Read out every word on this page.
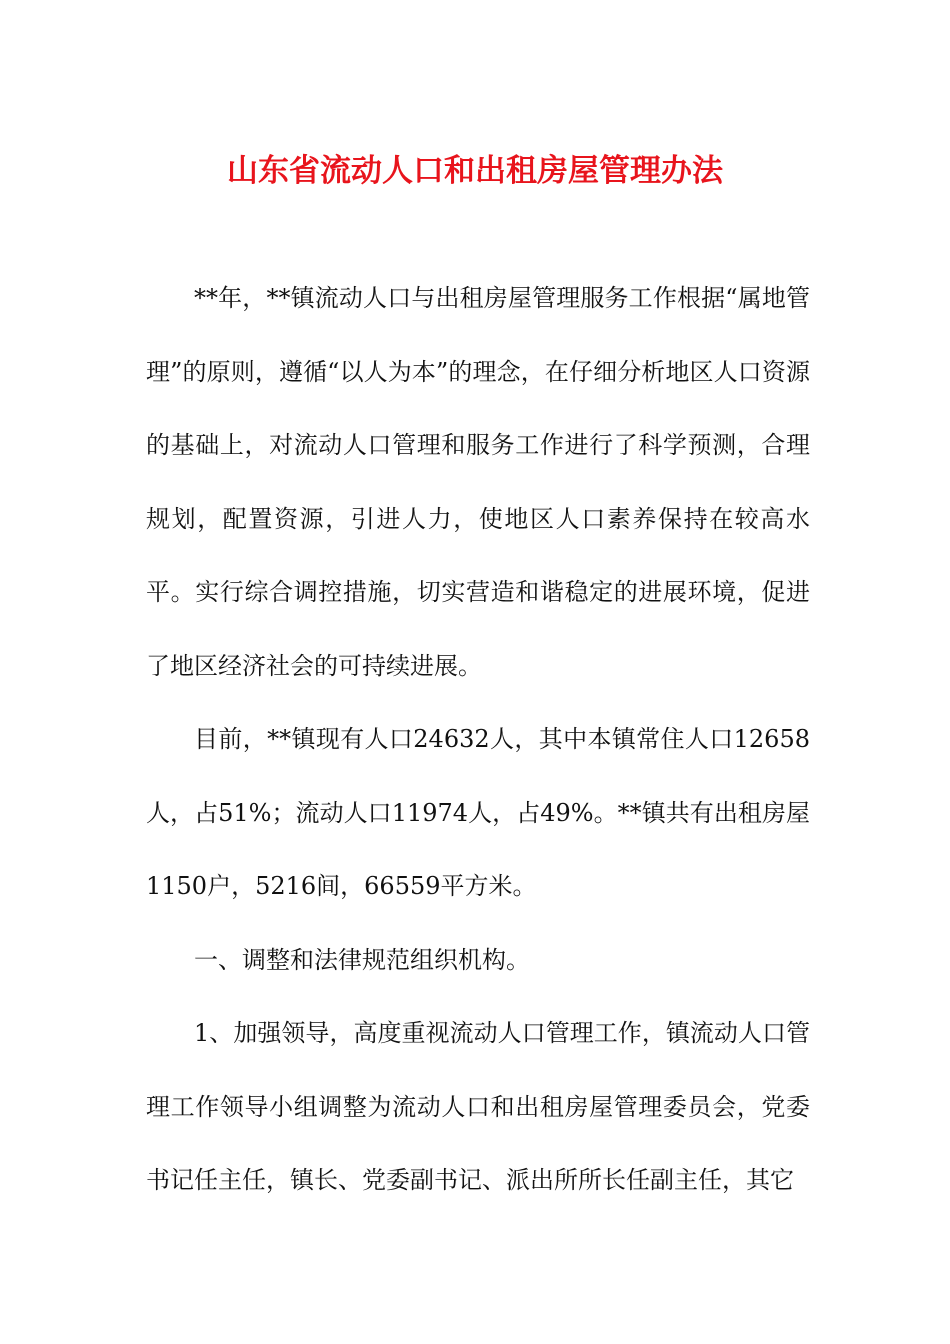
山东省流动人口和出租房屋管理办法

**年，**镇流动人口与出租房屋管理服务工作根据“属地管理”的原则，遵循“以人为本”的理念，在仔细分析地区人口资源的基础上，对流动人口管理和服务工作进行了科学预测，合理规划，配置资源，引进人力，使地区人口素养保持在较高水平。实行综合调控措施，切实营造和谐稳定的进展环境，促进了地区经济社会的可持续进展。

目前，**镇现有人口24632人，其中本镇常住人口12658人，占51%；流动人口11974人，占49%。**镇共有出租房屋1150户，5216间，66559平方米。

一、调整和法律规范组织机构。

1、加强领导，高度重视流动人口管理工作，镇流动人口管理工作领导小组调整为流动人口和出租房屋管理委员会，党委书记任主任，镇长、党委副书记、派出所所长任副主任，其它
